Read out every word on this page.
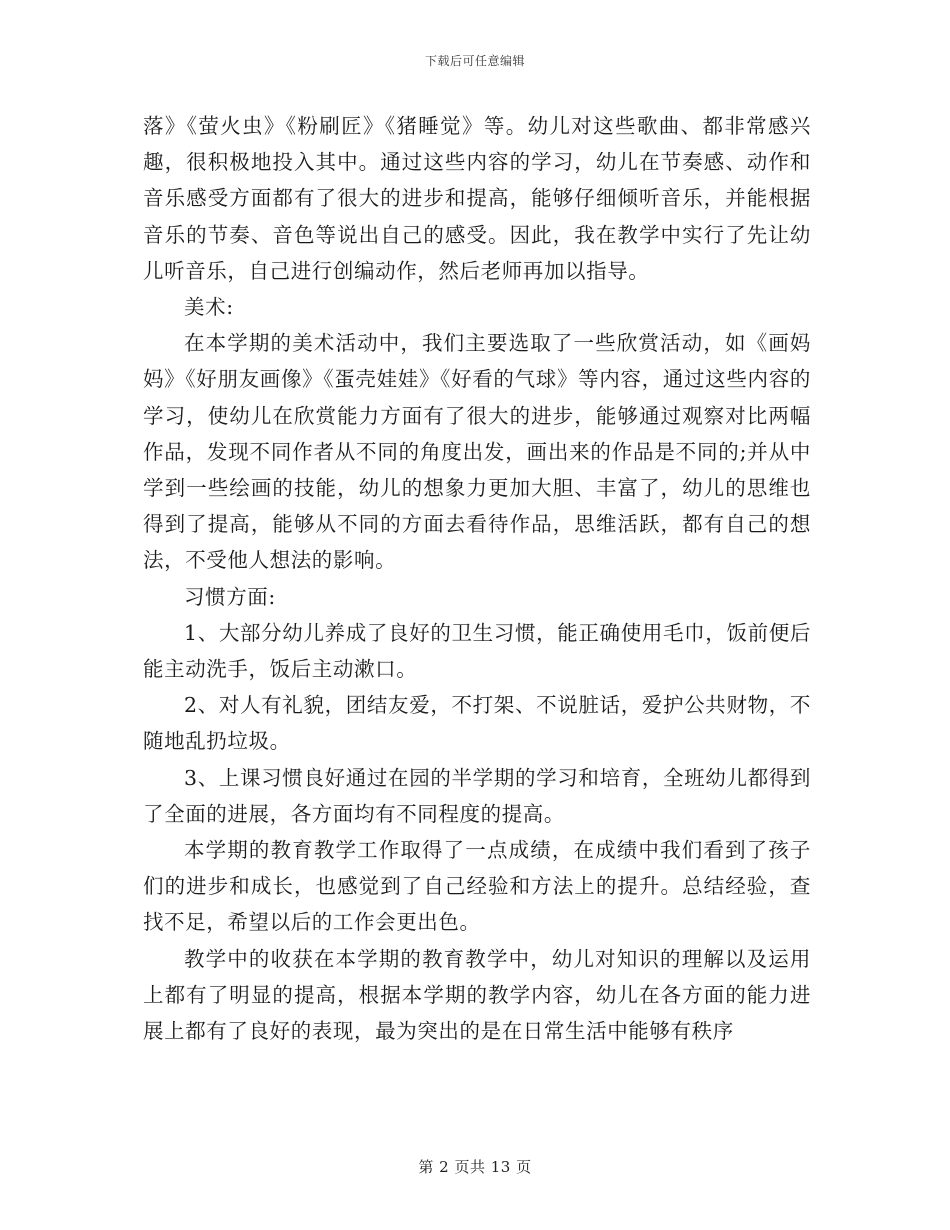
下载后可任意编辑

落》《萤火虫》《粉刷匠》《猪睡觉》等。幼儿对这些歌曲、都非常感兴趣，很积极地投入其中。通过这些内容的学习，幼儿在节奏感、动作和音乐感受方面都有了很大的进步和提高，能够仔细倾听音乐，并能根据音乐的节奏、音色等说出自己的感受。因此，我在教学中实行了先让幼儿听音乐，自己进行创编动作，然后老师再加以指导。

美术:

在本学期的美术活动中，我们主要选取了一些欣赏活动，如《画妈妈》《好朋友画像》《蛋壳娃娃》《好看的气球》等内容，通过这些内容的学习，使幼儿在欣赏能力方面有了很大的进步，能够通过观察对比两幅作品，发现不同作者从不同的角度出发，画出来的作品是不同的;并从中学到一些绘画的技能，幼儿的想象力更加大胆、丰富了，幼儿的思维也得到了提高，能够从不同的方面去看待作品，思维活跃，都有自己的想法，不受他人想法的影响。

习惯方面:

1、大部分幼儿养成了良好的卫生习惯，能正确使用毛巾，饭前便后能主动洗手，饭后主动漱口。

2、对人有礼貌，团结友爱，不打架、不说脏话，爱护公共财物，不随地乱扔垃圾。

3、上课习惯良好通过在园的半学期的学习和培育，全班幼儿都得到了全面的进展，各方面均有不同程度的提高。

本学期的教育教学工作取得了一点成绩，在成绩中我们看到了孩子们的进步和成长，也感觉到了自己经验和方法上的提升。总结经验，查找不足，希望以后的工作会更出色。

教学中的收获在本学期的教育教学中，幼儿对知识的理解以及运用上都有了明显的提高，根据本学期的教学内容，幼儿在各方面的能力进展上都有了良好的表现，最为突出的是在日常生活中能够有秩序

第 2 页共 13 页
